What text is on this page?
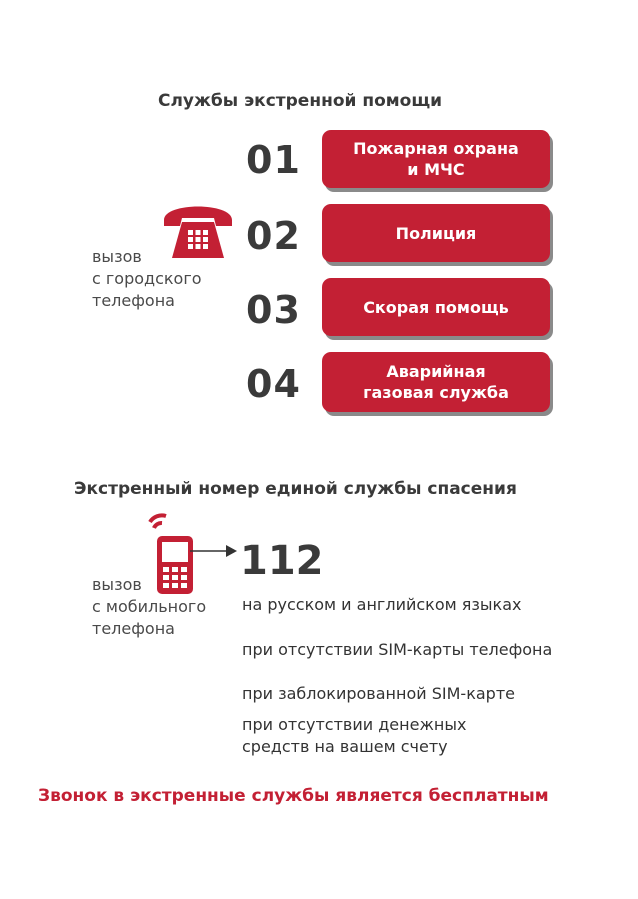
Службы экстренной помощи
вызов
с городского
телефона
01
02
03
04
Пожарная охрана
и МЧС
Полиция
Скорая помощь
Аварийная
газовая служба
Экстренный номер единой службы спасения
вызов
с мобильного
телефона
112
на русском и английском языках
при отсутствии SIM-карты телефона
при заблокированной SIM-карте
при отсутствии денежных
средств на вашем счету
Звонок в экстренные службы является бесплатным
